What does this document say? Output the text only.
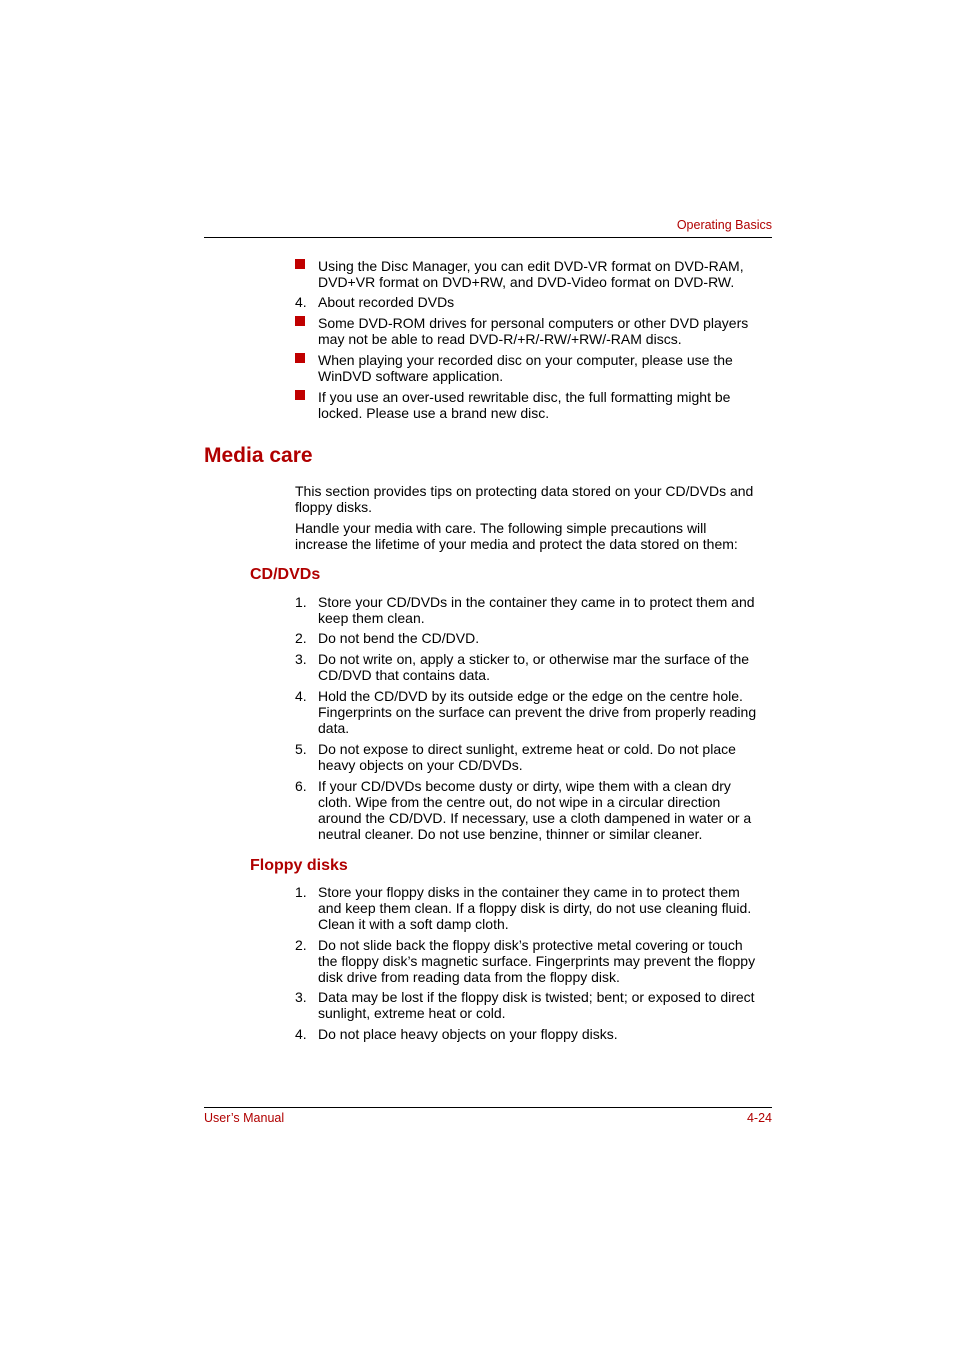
Operating Basics
Using the Disc Manager, you can edit DVD-VR format on DVD-RAM,
DVD+VR format on DVD+RW, and DVD-Video format on DVD-RW.
4. About recorded DVDs
Some DVD-ROM drives for personal computers or other DVD players
may not be able to read DVD-R/+R/-RW/+RW/-RAM discs.
When playing your recorded disc on your computer, please use the
WinDVD software application.
If you use an over-used rewritable disc, the full formatting might be
locked. Please use a brand new disc.
Media care
This section provides tips on protecting data stored on your CD/DVDs and
floppy disks.
Handle your media with care. The following simple precautions will
increase the lifetime of your media and protect the data stored on them:
CD/DVDs
1. Store your CD/DVDs in the container they came in to protect them and
keep them clean.
2. Do not bend the CD/DVD.
3. Do not write on, apply a sticker to, or otherwise mar the surface of the
CD/DVD that contains data.
4. Hold the CD/DVD by its outside edge or the edge on the centre hole.
Fingerprints on the surface can prevent the drive from properly reading
data.
5. Do not expose to direct sunlight, extreme heat or cold. Do not place
heavy objects on your CD/DVDs.
6. If your CD/DVDs become dusty or dirty, wipe them with a clean dry
cloth. Wipe from the centre out, do not wipe in a circular direction
around the CD/DVD. If necessary, use a cloth dampened in water or a
neutral cleaner. Do not use benzine, thinner or similar cleaner.
Floppy disks
1. Store your floppy disks in the container they came in to protect them
and keep them clean. If a floppy disk is dirty, do not use cleaning fluid.
Clean it with a soft damp cloth.
2. Do not slide back the floppy disk’s protective metal covering or touch
the floppy disk’s magnetic surface. Fingerprints may prevent the floppy
disk drive from reading data from the floppy disk.
3. Data may be lost if the floppy disk is twisted; bent; or exposed to direct
sunlight, extreme heat or cold.
4. Do not place heavy objects on your floppy disks.
User’s Manual	4-24
